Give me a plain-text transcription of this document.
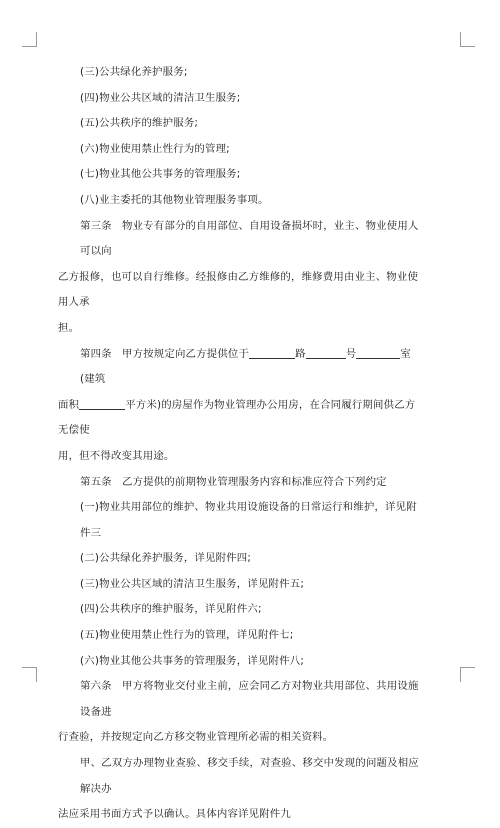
(三)公共绿化养护服务;

(四)物业公共区域的清洁卫生服务;

(五)公共秩序的维护服务;

(六)物业使用禁止性行为的管理;

(七)物业其他公共事务的管理服务;

(八)业主委托的其他物业管理服务事项。

第三条 物业专有部分的自用部位、自用设备损坏时，业主、物业使用人可以向

乙方报修，也可以自行维修。经报修由乙方维修的，维修费用由业主、物业使用人承

担。

第四条 甲方按规定向乙方提供位于	路	号	室(建筑

面积	平方米)的房屋作为物业管理办公用房，在合同履行期间供乙方无偿使

用，但不得改变其用途。

第五条 乙方提供的前期物业管理服务内容和标准应符合下列约定

(一)物业共用部位的维护、物业共用设施设备的日常运行和维护，详见附件三

(二)公共绿化养护服务，详见附件四;

(三)物业公共区域的清洁卫生服务，详见附件五;

(四)公共秩序的维护服务，详见附件六;

(五)物业使用禁止性行为的管理，详见附件七;

(六)物业其他公共事务的管理服务，详见附件八;

第六条 甲方将物业交付业主前，应会同乙方对物业共用部位、共用设施设备进

行查验，并按规定向乙方移交物业管理所必需的相关资料。

甲、乙双方办理物业查验、移交手续，对查验、移交中发现的问题及相应解决办

法应采用书面方式予以确认。具体内容详见附件九
